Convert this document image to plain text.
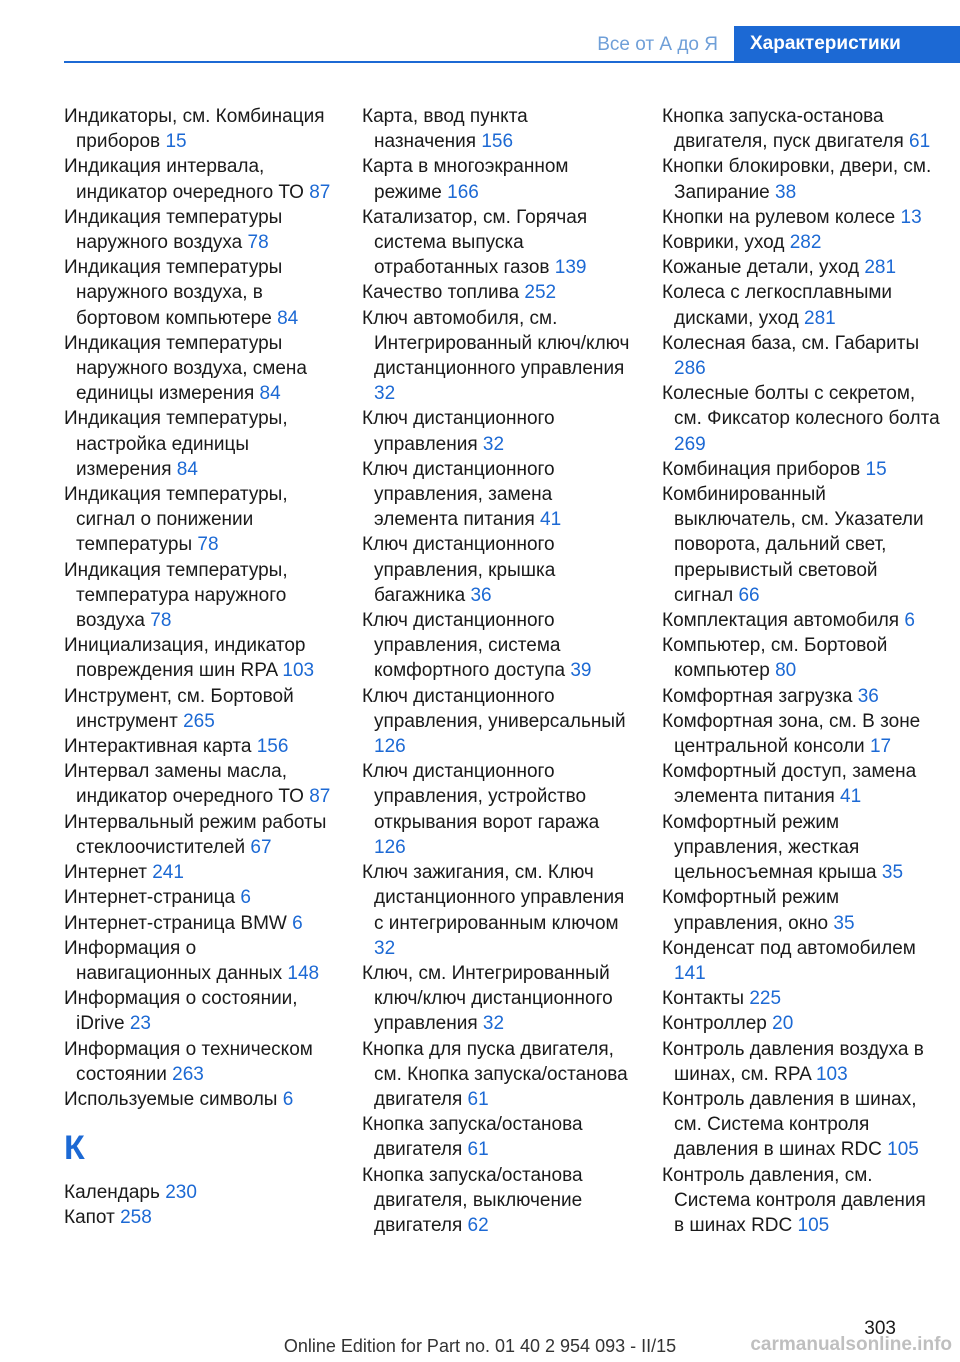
Все от А до Я	Характеристики

Индикаторы, см. Комбинация приборов 15

Индикация интервала, индикатор очередного ТО 87

Индикация температуры наружного воздуха 78

Индикация температуры наружного воздуха, в бортовом компьютере 84

Индикация температуры наружного воздуха, смена единицы измерения 84

Индикация температуры, настройка единицы измерения 84

Индикация температуры, сигнал о понижении температуры 78

Индикация температуры, температура наружного воздуха 78

Инициализация, индикатор повреждения шин RPA 103

Инструмент, см. Бортовой инструмент 265

Интерактивная карта 156

Интервал замены масла, индикатор очередного ТО 87

Интервальный режим работы стеклоочистителей 67

Интернет 241

Интернет-страница 6

Интернет-страница BMW 6

Информация о навигационных данных 148

Информация о состоянии, iDrive 23

Информация о техническом состоянии 263

Используемые символы 6

К

Календарь 230

Капот 258

Карта, ввод пункта назначения 156

Карта в многоэкранном режиме 166

Катализатор, см. Горячая система выпуска отработанных газов 139

Качество топлива 252

Ключ автомобиля, см. Интегрированный ключ/ключ дистанционного управления 32

Ключ дистанционного управления 32

Ключ дистанционного управления, замена элемента питания 41

Ключ дистанционного управления, крышка багажника 36

Ключ дистанционного управления, система комфортного доступа 39

Ключ дистанционного управления, универсальный 126

Ключ дистанционного управления, устройство открывания ворот гаража 126

Ключ зажигания, см. Ключ дистанционного управления с интегрированным ключом 32

Ключ, см. Интегрированный ключ/ключ дистанционного управления 32

Кнопка для пуска двигателя, см. Кнопка запуска/останова двигателя 61

Кнопка запуска/останова двигателя 61

Кнопка запуска/останова двигателя, выключение двигателя 62

Кнопка запуска-останова двигателя, пуск двигателя 61

Кнопки блокировки, двери, см. Запирание 38

Кнопки на рулевом колесе 13

Коврики, уход 282

Кожаные детали, уход 281

Колеса с легкосплавными дисками, уход 281

Колесная база, см. Габариты 286

Колесные болты с секретом, см. Фиксатор колесного болта 269

Комбинация приборов 15

Комбинированный выключатель, см. Указатели поворота, дальний свет, прерывистый световой сигнал 66

Комплектация автомобиля 6

Компьютер, см. Бортовой компьютер 80

Комфортная загрузка 36

Комфортная зона, см. В зоне центральной консоли 17

Комфортный доступ, замена элемента питания 41

Комфортный режим управления, жесткая цельносъемная крыша 35

Комфортный режим управления, окно 35

Конденсат под автомобилем 141

Контакты 225

Контроллер 20

Контроль давления воздуха в шинах, см. RPA 103

Контроль давления в шинах, см. Система контроля давления в шинах RDC 105

Контроль давления, см. Система контроля давления в шинах RDC 105

303
Online Edition for Part no. 01 40 2 954 093 - II/15	carmanualsonline.info
